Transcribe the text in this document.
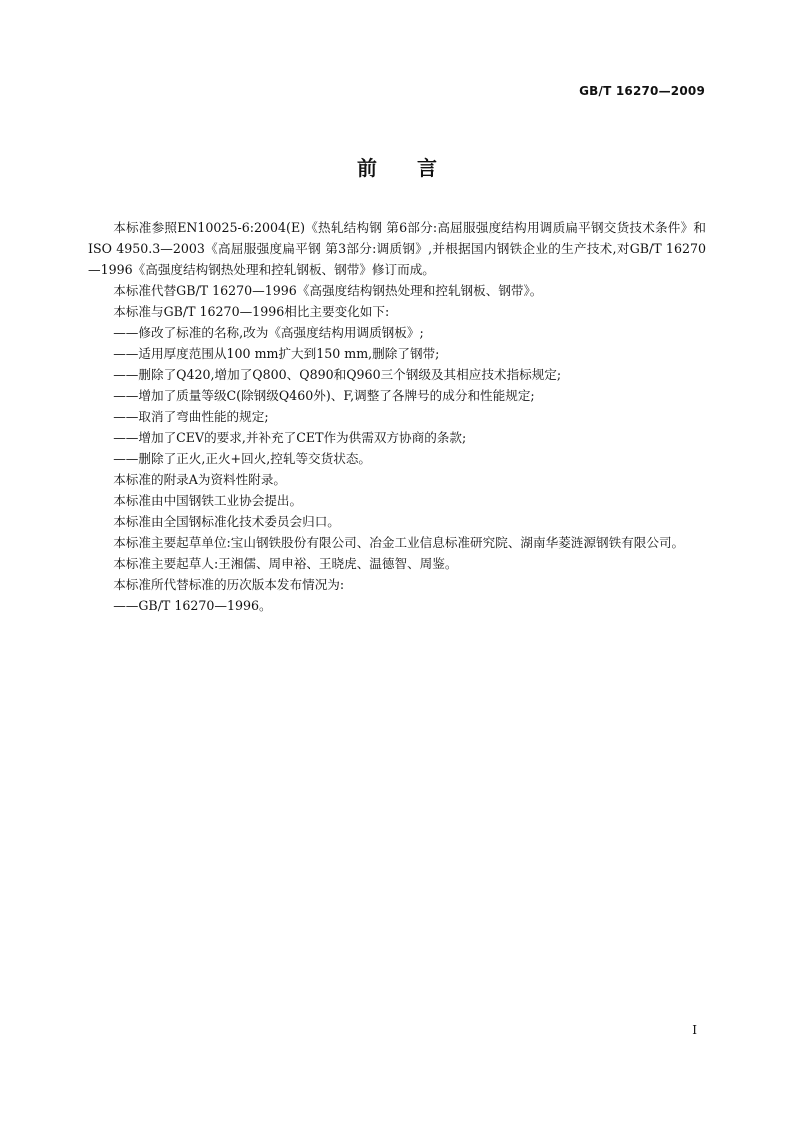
GB/T 16270—2009
前言

本标准参照EN10025-6:2004(E)《热轧结构钢 第6部分:高屈服强度结构用调质扁平钢交货技术条件》和ISO 4950.3—2003《高屈服强度扁平钢 第3部分:调质钢》,并根据国内钢铁企业的生产技术,对GB/T 16270—1996《高强度结构钢热处理和控轧钢板、钢带》修订而成。

本标准代替GB/T 16270—1996《高强度结构钢热处理和控轧钢板、钢带》。

本标准与GB/T 16270—1996相比主要变化如下:

——修改了标准的名称,改为《高强度结构用调质钢板》;

——适用厚度范围从100 mm扩大到150 mm,删除了钢带;

——删除了Q420,增加了Q800、Q890和Q960三个钢级及其相应技术指标规定;

——增加了质量等级C(除钢级Q460外)、F,调整了各牌号的成分和性能规定;

——取消了弯曲性能的规定;

——增加了CEV的要求,并补充了CET作为供需双方协商的条款;

——删除了正火,正火+回火,控轧等交货状态。

本标准的附录A为资料性附录。

本标准由中国钢铁工业协会提出。

本标准由全国钢标准化技术委员会归口。

本标准主要起草单位:宝山钢铁股份有限公司、冶金工业信息标准研究院、湖南华菱涟源钢铁有限公司。

本标准主要起草人:王湘儒、周申裕、王晓虎、温德智、周鉴。

本标准所代替标准的历次版本发布情况为:

——GB/T 16270—1996。

I
